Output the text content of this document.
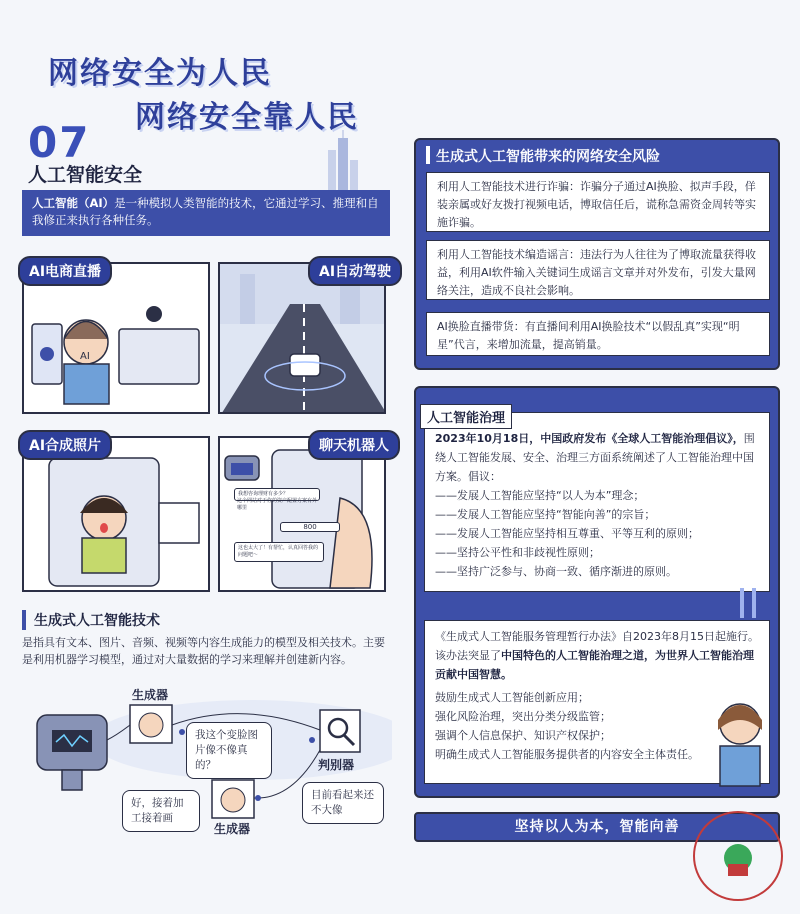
网络安全为人民
网络安全靠人民
07
人工智能安全
人工智能（AI）是一种模拟人类智能的技术，它通过学习、推理和自我修正来执行各种任务。
AI
AI电商直播	AI自动驾驶
AI合成照片
我想咨询理财有多少？
这个网站对于你的资产配置方案有外哪里
800
这也太大了！有帮忙，认真回答我的问题吧～
聊天机器人
生成式人工智能技术
是指具有文本、图片、音频、视频等内容生成能力的模型及相关技术。主要是利用机器学习模型，通过对大量数据的学习来理解并创建新内容。
生成器
生成器
判别器
我这个变脸图片像不像真的？
好，接着加工接着画
目前看起来还不大像
生成式人工智能带来的网络安全风险
利用人工智能技术进行诈骗：诈骗分子通过AI换脸、拟声手段，佯装亲属或好友拨打视频电话，博取信任后，谎称急需资金周转等实施诈骗。
利用人工智能技术编造谣言：违法行为人往往为了博取流量获得收益，利用AI软件输入关键词生成谣言文章并对外发布，引发大量网络关注，造成不良社会影响。
AI换脸直播带货：有直播间利用AI换脸技术“以假乱真”实现“明星”代言，来增加流量，提高销量。
2023年10月18日，中国政府发布《全球人工智能治理倡议》，围绕人工智能发展、安全、治理三方面系统阐述了人工智能治理中国方案。倡议：
——发展人工智能应坚持“以人为本”理念；
——发展人工智能应坚持“智能向善”的宗旨；
——发展人工智能应坚持相互尊重、平等互利的原则；
——坚持公平性和非歧视性原则；
——坚持广泛参与、协商一致、循序渐进的原则。
人工智能治理
《生成式人工智能服务管理暂行办法》自2023年8月15日起施行。该办法突显了中国特色的人工智能治理之道，为世界人工智能治理贡献中国智慧。
鼓励生成式人工智能创新应用；
强化风险治理，突出分类分级监管；
强调个人信息保护、知识产权保护；
明确生成式人工智能服务提供者的内容安全主体责任。
坚持以人为本，智能向善
